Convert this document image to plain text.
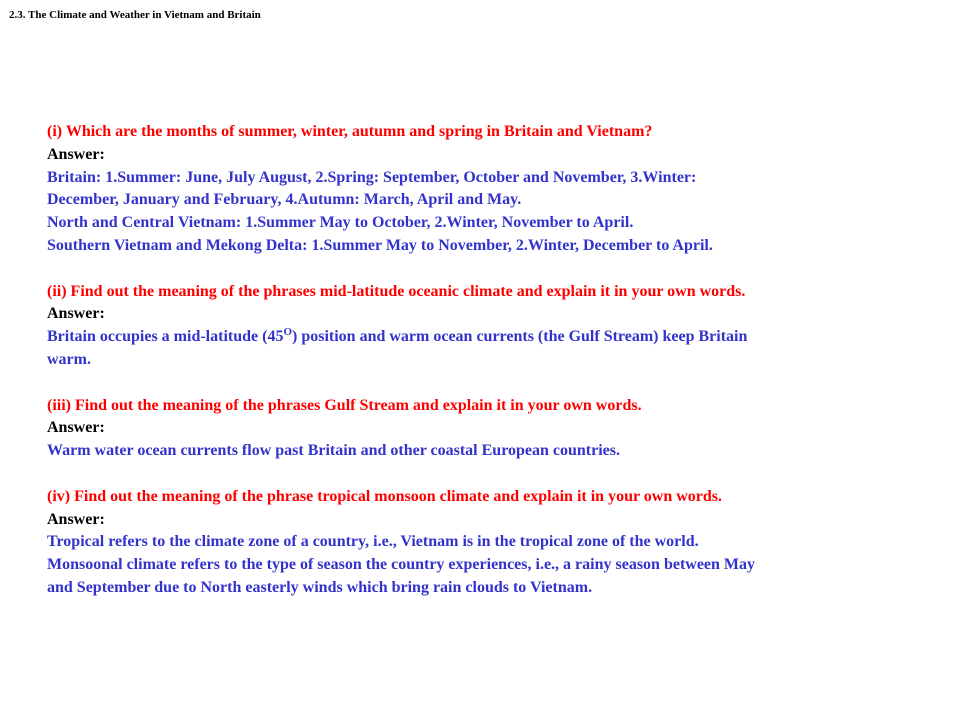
2.3. The Climate and Weather in Vietnam and Britain
(i) Which are the months of summer, winter, autumn and spring in Britain and Vietnam?
Answer:
Britain: 1.Summer: June, July August, 2.Spring: September, October and November, 3.Winter:
December, January and February, 4.Autumn: March, April and May.
North and Central Vietnam: 1.Summer May to October, 2.Winter, November to April.
Southern Vietnam and Mekong Delta: 1.Summer May to November, 2.Winter, December to April.
(ii) Find out the meaning of the phrases mid-latitude oceanic climate and explain it in your own words.
Answer:
Britain occupies a mid-latitude $(45^O)$ position and warm ocean currents (the Gulf Stream) keep Britain
warm.
(iii) Find out the meaning of the phrases Gulf Stream and explain it in your own words.
Answer:
Warm water ocean currents flow past Britain and other coastal European countries.
(iv) Find out the meaning of the phrase tropical monsoon climate and explain it in your own words.
Answer:
Tropical refers to the climate zone of a country, i.e., Vietnam is in the tropical zone of the world.
Monsoonal climate refers to the type of season the country experiences, i.e., a rainy season between May
and September due to North easterly winds which bring rain clouds to Vietnam.
